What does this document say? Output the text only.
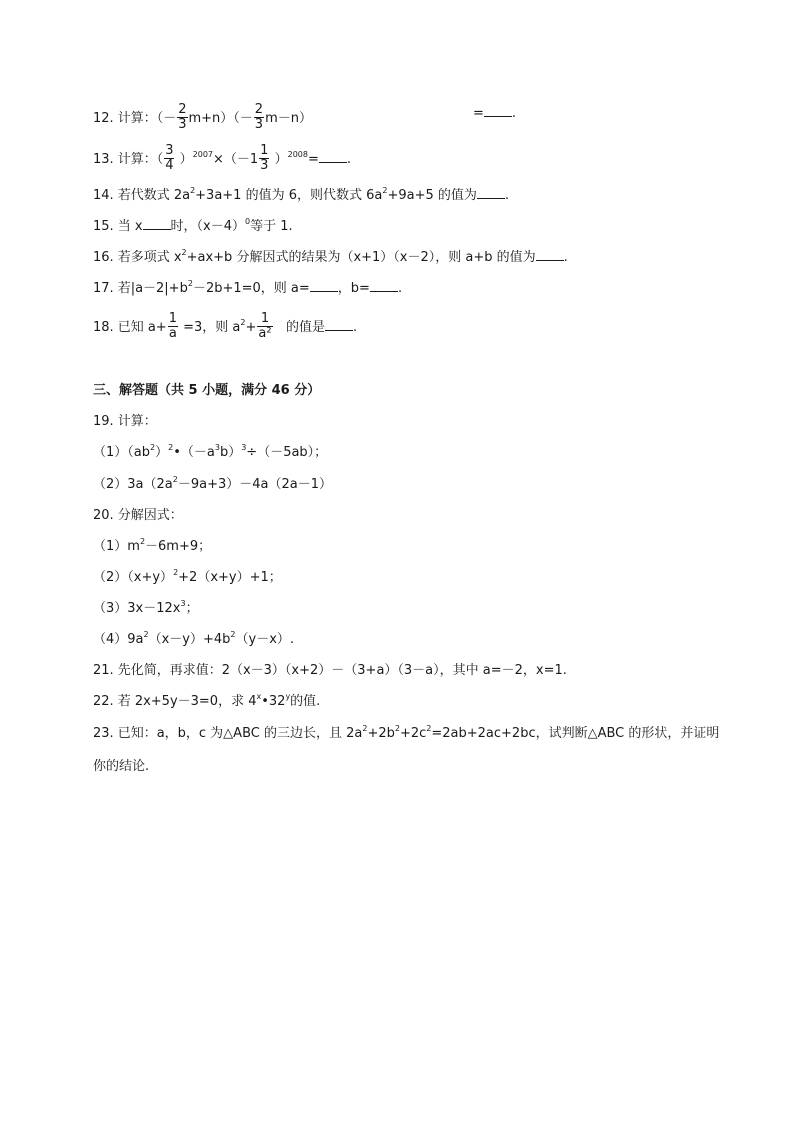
12. 计算：（－ $\frac{2}{3} m+n)(- \frac{2}{3} m-n)$	= .
13. 计算：（ $\frac{3}{4} )^{2007}\times(-1 \frac{1}{3} )^{2008}=$ .
14. 若代数式 $2a^2+3a+1$ 的值为 6，则代数式 $6a^2+9a+5$ 的值为 .
15. 当 x 时，$(x-4)^0$等于 1.
16. 若多项式 $x^2+ax+b$ 分解因式的结果为（x+1）（x－2），则 a+b 的值为 .
17. 若$|a-2|+b^2-2b+1=0$，则 a= ，b= .
18. 已知 $a+ \frac{1}{a} =3$，则 $a^2+ \frac{1}{\text{a²}}$ 的值是 .
三、解答题（共 5 小题，满分 46 分）
19. 计算：
$(1)(ab^2)^2•(-a^3b)^3\div(-5ab)$；
$(2)3a(2a^2-9a+3)-4a(2a-1)$
20. 分解因式：
$(1)m^2-6m+9$；
$(2)(x+y)^2+2(x+y)+1$；
$(3)3x-12x^3$；
$(4)9a^2(x-y)+4b^2(y-x)$.
21. 先化简，再求值：2（x－3）（x+2）－（3+a）（3－a），其中 a=－2，x=1.
22. 若 2x+5y－3=0，求 4$^x$•32$^y$的值.
23. 已知：a，b，c 为△ABC 的三边长，且 $2a^2+2b^2+2c^2=2ab+2ac+2bc$，试判断△ABC 的形状，并证明
你的结论.
